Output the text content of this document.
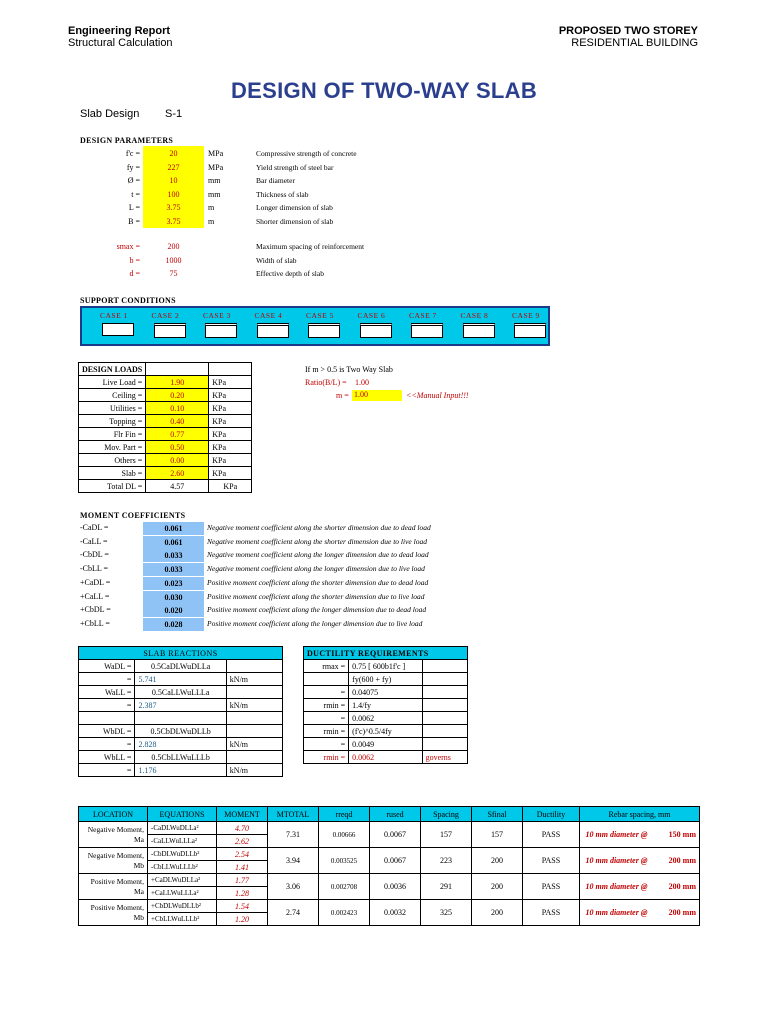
Engineering Report
Structural Calculation
PROPOSED TWO STOREY
RESIDENTIAL BUILDING
DESIGN OF TWO-WAY SLAB
Slab Design S-1
DESIGN PARAMETERS
f'c =	20	MPa	Compressive strength of concrete
fy =	227	MPa	Yield strength of steel bar
Ø =	10	mm	Bar diameter
t =	100	mm	Thickness of slab
L =	3.75	m	Longer dimension of slab
B =	3.75	m	Shorter dimension of slab
smax =	200	Maximum spacing of reinforcement
b =	1000	Width of slab
d =	75	Effective depth of slab
SUPPORT CONDITIONS
CASE 1	CASE 2	CASE 3	CASE 4	CASE 5	CASE 6	CASE 7	CASE 8	CASE 9
DESIGN LOADS		
Live Load =	1.90	KPa
Ceiling =	0.20	KPa
Utilities =	0.10	KPa
Topping =	0.40	KPa
Flr Fin =	0.77	KPa
Mov. Part =	0.50	KPa
Others =	0.00	KPa
Slab =	2.60	KPa
Total DL =	4.57	KPa
If m > 0.5 is Two Way Slab
Ratio(B/L) = 1.00
m = 1.00	<<Manual Input!!!
MOMENT COEFFICIENTS
-CaDL =	0.061	Negative moment coefficient along the shorter dimension due to dead load
-CaLL =	0.061	Negative moment coefficient along the shorter dimension due to live load
-CbDL =	0.033	Negative moment coefficient along the longer dimension due to dead load
-CbLL =	0.033	Negative moment coefficient along the longer dimension due to live load
+CaDL =	0.023	Positive moment coefficient along the shorter dimension due to dead load
+CaLL =	0.030	Positive moment coefficient along the shorter dimension due to live load
+CbDL =	0.020	Positive moment coefficient along the longer dimension due to dead load
+CbLL =	0.028	Positive moment coefficient along the longer dimension due to live load
SLAB REACTIONS		
WaDL =	0.5CaDLWuDLLa	
=	5.741	kN/m
WaLL =	0.5CaLLWuLLLa	
=	2.387	kN/m

WbDL =	0.5CbDLWuDLLb	
=	2.828	kN/m
WbLL =	0.5CbLLWuLLLb	
=	1.176	kN/m
DUCTILITY REQUIREMENTS		
rmax =	0.75 [ 600b1f'c ]	
	fy(600 + fy)	
=	0.04075	
rmin =	1.4/fy	
=	0.0062	
rmin =	(f'c)^0.5/4fy	
=	0.0049	
rmin =	0.0062	governs
LOCATION	EQUATIONS	MOMENT	MTOTAL	rreqd	rused	Spacing	Sfinal	Ductility	Rebar spacing, mm	
Negative Moment, Ma	-CaDLWuDLLa²	4.70	7.31	0.00666	0.0067	157	157	PASS	10 mm diameter @	150 mm
	-CaLLWuLLLa²	2.62								
Negative Moment, Mb	-CbDLWuDLLb²	2.54	3.94	0.003525	0.0067	223	200	PASS	10 mm diameter @	200 mm
	-CbLLWuLLLb²	1.41								
Positive Moment, Ma	+CaDLWuDLLa²	1.77	3.06	0.002708	0.0036	291	200	PASS	10 mm diameter @	200 mm
	+CaLLWuLLLa²	1.28								
Positive Moment, Mb	+CbDLWuDLLb²	1.54	2.74	0.002423	0.0032	325	200	PASS	10 mm diameter @	200 mm
	+CbLLWuLLLb²	1.20								
